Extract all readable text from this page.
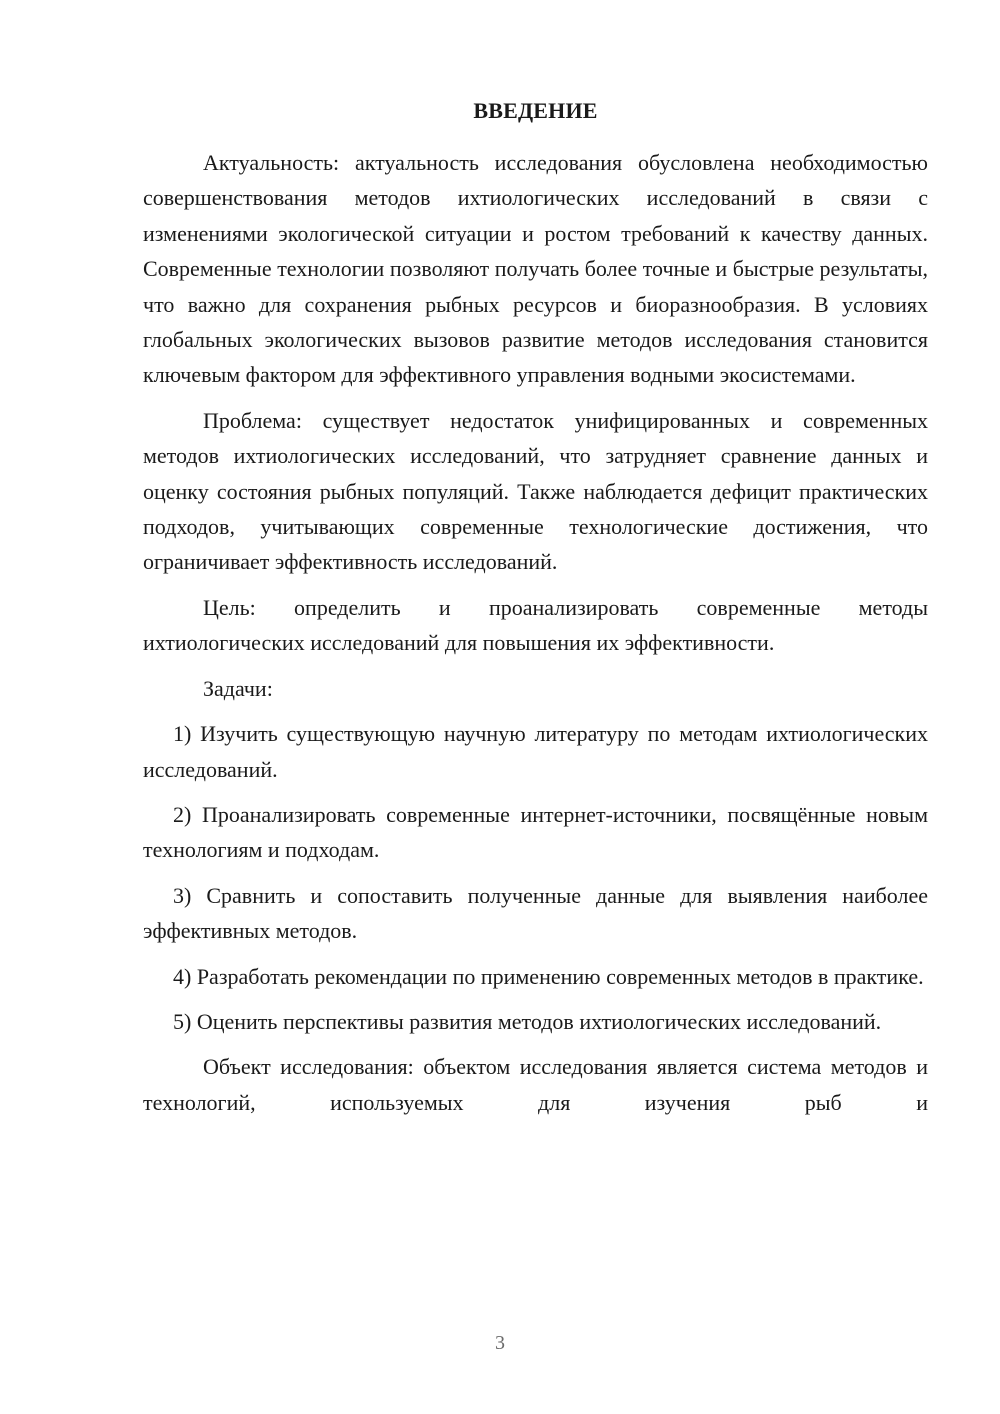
ВВЕДЕНИЕ

Актуальность: актуальность исследования обусловлена необходимостью совершенствования методов ихтиологических исследований в связи с изменениями экологической ситуации и ростом требований к качеству данных. Современные технологии позволяют получать более точные и быстрые результаты, что важно для сохранения рыбных ресурсов и биоразнообразия. В условиях глобальных экологических вызовов развитие методов исследования становится ключевым фактором для эффективного управления водными экосистемами.

Проблема: существует недостаток унифицированных и современных методов ихтиологических исследований, что затрудняет сравнение данных и оценку состояния рыбных популяций. Также наблюдается дефицит практических подходов, учитывающих современные технологические достижения, что ограничивает эффективность исследований.

Цель: определить и проанализировать современные методы ихтиологических исследований для повышения их эффективности.

Задачи:

1) Изучить существующую научную литературу по методам ихтиологических исследований.

2) Проанализировать современные интернет-источники, посвящённые новым технологиям и подходам.

3) Сравнить и сопоставить полученные данные для выявления наиболее эффективных методов.

4) Разработать рекомендации по применению современных методов в практике.

5) Оценить перспективы развития методов ихтиологических исследований.

Объект исследования: объектом исследования является система методов и технологий, используемых для изучения рыб и

3
